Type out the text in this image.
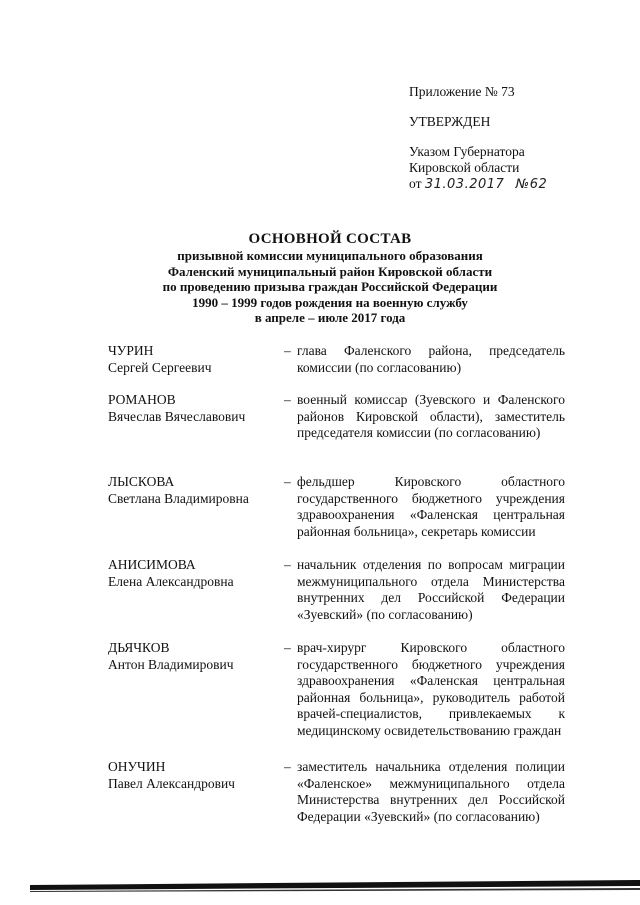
Приложение № 73
УТВЕРЖДЕН
Указом Губернатора
Кировской области
от 31.03.2017 №62
ОСНОВНОЙ СОСТАВ
призывной комиссии муниципального образования
Фаленский муниципальный район Кировской области
по проведению призыва граждан Российской Федерации
1990 – 1999 годов рождения на военную службу
в апреле – июле 2017 года
ЧУРИН
Сергей Сергеевич
– глава Фаленского района, председатель комиссии (по согласованию)
РОМАНОВ
Вячеслав Вячеславович
– военный комиссар (Зуевского и Фаленского районов Кировской области), заместитель председателя комиссии (по согласованию)
ЛЫСКОВА
Светлана Владимировна
– фельдшер Кировского областного государственного бюджетного учреждения здравоохранения «Фаленская центральная районная больница», секретарь комиссии
АНИСИМОВА
Елена Александровна
– начальник отделения по вопросам миграции межмуниципального отдела Министерства внутренних дел Российской Федерации «Зуевский» (по согласованию)
ДЬЯЧКОВ
Антон Владимирович
– врач-хирург Кировского областного государственного бюджетного учреждения здравоохранения «Фаленская центральная районная больница», руководитель работой врачей-специалистов, привлекаемых к медицинскому освидетельствованию граждан
ОНУЧИН
Павел Александрович
– заместитель начальника отделения полиции «Фаленское» межмуниципального отдела Министерства внутренних дел Российской Федерации «Зуевский» (по согласованию)
